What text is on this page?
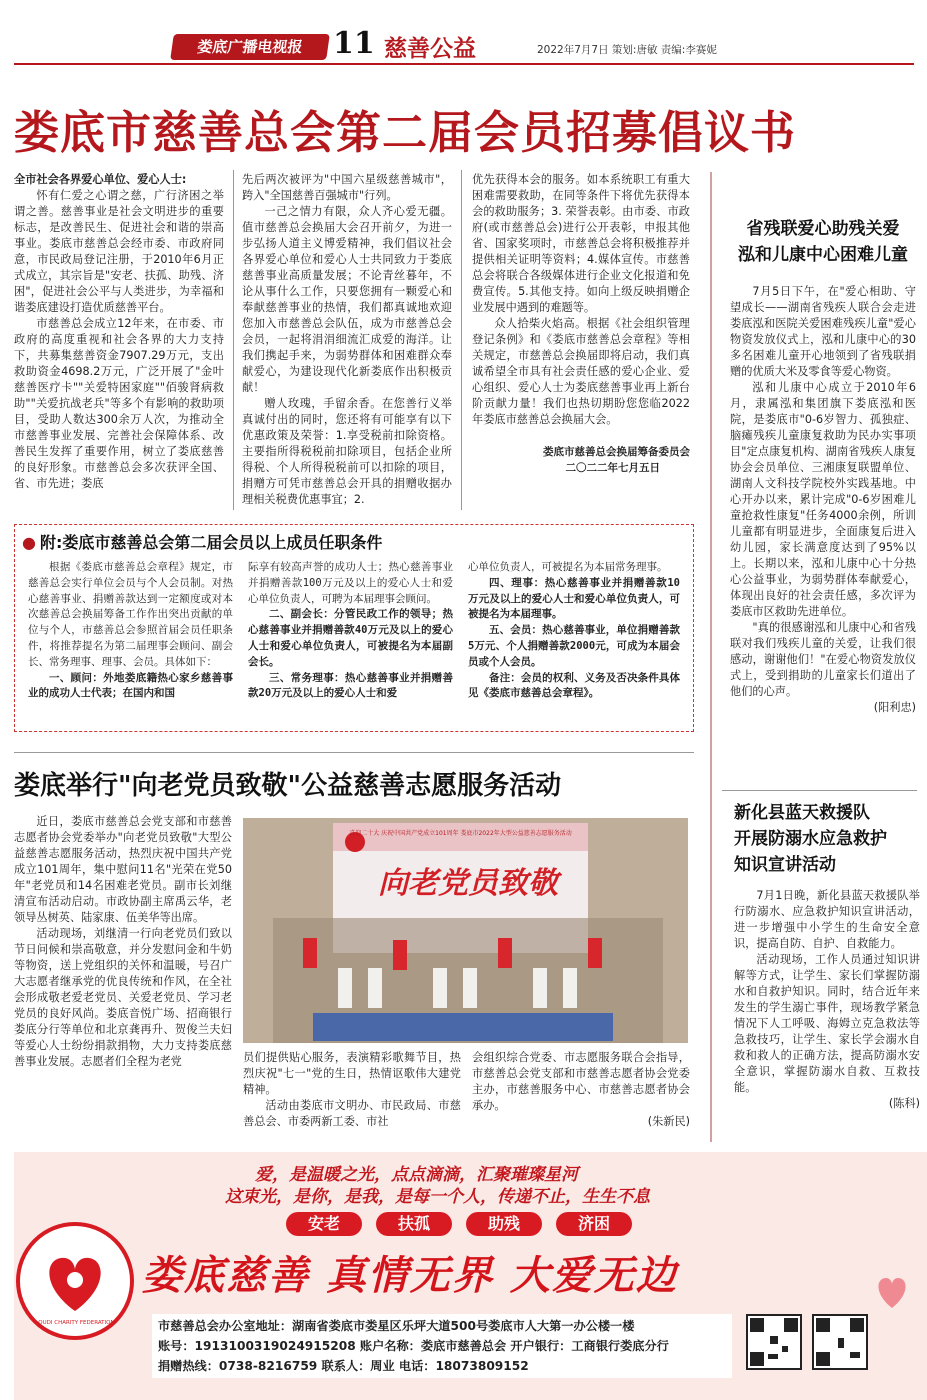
娄底广播电视报 11 慈善公益	2022年7月7日 策划:唐敏 责编:李赛妮
娄底市慈善总会第二届会员招募倡议书

全市社会各界爱心单位、爱心人士:

怀有仁爱之心谓之慈，广行济困之举谓之善。慈善事业是社会文明进步的重要标志，是改善民生、促进社会和谐的崇高事业。娄底市慈善总会经市委、市政府同意，市民政局登记注册，于2010年6月正式成立，其宗旨是"安老、扶孤、助残、济困"，促进社会公平与人类进步，为幸福和谐娄底建设打造优质慈善平台。

市慈善总会成立12年来，在市委、市政府的高度重视和社会各界的大力支持下，共募集慈善资金7907.29万元，支出救助资金4698.2万元，广泛开展了"金叶慈善医疗卡""关爱特困家庭""佰骏肾病救助""关爱抗战老兵"等多个有影响的救助项目，受助人数达300余万人次，为推动全市慈善事业发展、完善社会保障体系、改善民生发挥了重要作用，树立了娄底慈善的良好形象。市慈善总会多次获评全国、省、市先进；娄底

先后两次被评为"中国六星级慈善城市"，跨入"全国慈善百强城市"行列。

一己之情力有限，众人齐心爱无疆。值市慈善总会换届大会召开前夕，为进一步弘扬人道主义博爱精神，我们倡议社会各界爱心单位和爱心人士共同致力于娄底慈善事业高质量发展；不论青丝暮年，不论从事什么工作，只要您拥有一颗爱心和奉献慈善事业的热情，我们都真诚地欢迎您加入市慈善总会队伍，成为市慈善总会会员，一起将涓涓细流汇成爱的海洋。让我们携起手来，为弱势群体和困难群众奉献爱心，为建设现代化新娄底作出积极贡献！

赠人玫瑰，手留余香。在您善行义举真诚付出的同时，您还将有可能享有以下优惠政策及荣誉：1.享受税前扣除资格。主要指所得税税前扣除项目，包括企业所得税、个人所得税税前可以扣除的项目，捐赠方可凭市慈善总会开具的捐赠收据办理相关税费优惠事宜；2.

优先获得本会的服务。如本系统职工有重大困难需要救助，在同等条件下将优先获得本会的救助服务；3. 荣誉表彰。由市委、市政府(或市慈善总会)进行公开表彰，申报其他省、国家奖项时，市慈善总会将积极推荐并提供相关证明等资料；4.媒体宣传。市慈善总会将联合各级媒体进行企业文化报道和免费宣传。5.其他支持。如向上级反映捐赠企业发展中遇到的难题等。

众人拾柴火焰高。根据《社会组织管理登记条例》和《娄底市慈善总会章程》等相关规定，市慈善总会换届即将启动，我们真诚希望全市具有社会责任感的爱心企业、爱心组织、爱心人士为娄底慈善事业再上新台阶贡献力量！我们也热切期盼您您临2022年娄底市慈善总会换届大会。

娄底市慈善总会换届筹备委员会

二〇二二年七月五日

● 附:娄底市慈善总会第二届会员以上成员任职条件
根据《娄底市慈善总会章程》规定，市慈善总会实行单位会员与个人会员制。对热心慈善事业、捐赠善款达到一定额度或对本次慈善总会换届筹备工作作出突出贡献的单位与个人，市慈善总会参照首届会员任职条件，将推荐提名为第二届理事会顾问、副会长、常务理事、理事、会员。具体如下：
一、顾问：外地娄底籍热心家乡慈善事业的成功人士代表；在国内和国
际享有较高声誉的成功人士；热心慈善事业并捐赠善款100万元及以上的爱心人士和爱心单位负责人，可聘为本届理事会顾问。
二、副会长：分管民政工作的领导；热心慈善事业并捐赠善款40万元及以上的爱心人士和爱心单位负责人，可被提名为本届副会长。
三、常务理事：热心慈善事业并捐赠善款20万元及以上的爱心人士和爱
心单位负责人，可被提名为本届常务理事。
四、理事：热心慈善事业并捐赠善款10万元及以上的爱心人士和爱心单位负责人，可被提名为本届理事。
五、会员：热心慈善事业，单位捐赠善款5万元、个人捐赠善款2000元，可成为本届会员或个人会员。
备注：会员的权利、义务及否决条件具体见《娄底市慈善总会章程》。
娄底举行"向老党员致敬"公益慈善志愿服务活动

近日，娄底市慈善总会党支部和市慈善志愿者协会党委举办"向老党员致敬"大型公益慈善志愿服务活动，热烈庆祝中国共产党成立101周年，集中慰问11名"光荣在党50年"老党员和14名困难老党员。副市长刘继清宣布活动启动。市政协副主席禹云华，老领导丛树英、陆家康、伍美华等出席。

活动现场，刘继清一行向老党员们致以节日问候和崇高敬意，并分发慰问金和牛奶等物资，送上党组织的关怀和温暖，号召广大志愿者继承党的优良传统和作风，在全社会形成敬老爱老党员、关爱老党员、学习老党员的良好风尚。娄底音悦广场、招商银行娄底分行等单位和北京龚再升、贺俊兰夫妇等爱心人士纷纷捐款捐物，大力支持娄底慈善事业发展。志愿者们全程为老党

向老党员致敬
喜迎二十大 庆祝中国共产党成立101周年 娄底市2022年大型公益慈善志愿服务活动

员们提供贴心服务，表演精彩歌舞节目，热烈庆祝"七一"党的生日，热情讴歌伟大建党精神。

活动由娄底市文明办、市民政局、市慈善总会、市委两新工委、市社

会组织综合党委、市志愿服务联合会指导，市慈善总会党支部和市慈善志愿者协会党委主办，市慈善服务中心、市慈善志愿者协会承办。

(朱新民)

省残联爱心助残关爱
泓和儿康中心困难儿童

7月5日下午，在"爱心相助、守望成长——湖南省残疾人联合会走进娄底泓和医院关爱困难残疾儿童"爱心物资发放仪式上，泓和儿康中心的30多名困难儿童开心地领到了省残联捐赠的优质大米及零食等爱心物资。

泓和儿康中心成立于2010年6月，隶属泓和集团旗下娄底泓和医院，是娄底市"0-6岁智力、孤独症、脑瘫残疾儿童康复救助为民办实事项目"定点康复机构、湖南省残疾人康复协会会员单位、三湘康复联盟单位、湖南人文科技学院校外实践基地。中心开办以来，累计完成"0-6岁困难儿童抢救性康复"任务4000余例，所训儿童都有明显进步，全面康复后进入幼儿园，家长满意度达到了95%以上。长期以来，泓和儿康中心十分热心公益事业，为弱势群体奉献爱心，体现出良好的社会责任感，多次评为娄底市区救助先进单位。

"真的很感谢泓和儿康中心和省残联对我们残疾儿童的关爱，让我们很感动，谢谢他们！"在爱心物资发放仪式上，受到捐助的儿童家长们道出了他们的心声。

(阳利忠)

新化县蓝天救援队
开展防溺水应急救护
知识宣讲活动

7月1日晚，新化县蓝天救援队举行防溺水、应急救护知识宣讲活动，进一步增强中小学生的生命安全意识，提高自防、自护、自救能力。

活动现场，工作人员通过知识讲解等方式，让学生、家长们掌握防溺水和自救护知识。同时，结合近年来发生的学生溺亡事件，现场教学紧急情况下人工呼吸、海姆立克急救法等急救技巧，让学生、家长学会溺水自救和救人的正确方法，提高防溺水安全意识，掌握防溺水自救、互救技能。

(陈科)

爱，是温暖之光，点点滴滴，汇聚璀璨星河
这束光，是你，是我，是每一个人，传递不止，生生不息
安老	扶孤	助残	济困
LOUDI CHARITY FEDERATION
娄底慈善 真情无界 大爱无边
市慈善总会办公室地址：湖南省娄底市娄星区乐坪大道500号娄底市人大第一办公楼一楼
账号：1913100319024915208 账户名称：娄底市慈善总会 开户银行：工商银行娄底分行
捐赠热线：0738-8216759 联系人：周业 电话：18073809152
